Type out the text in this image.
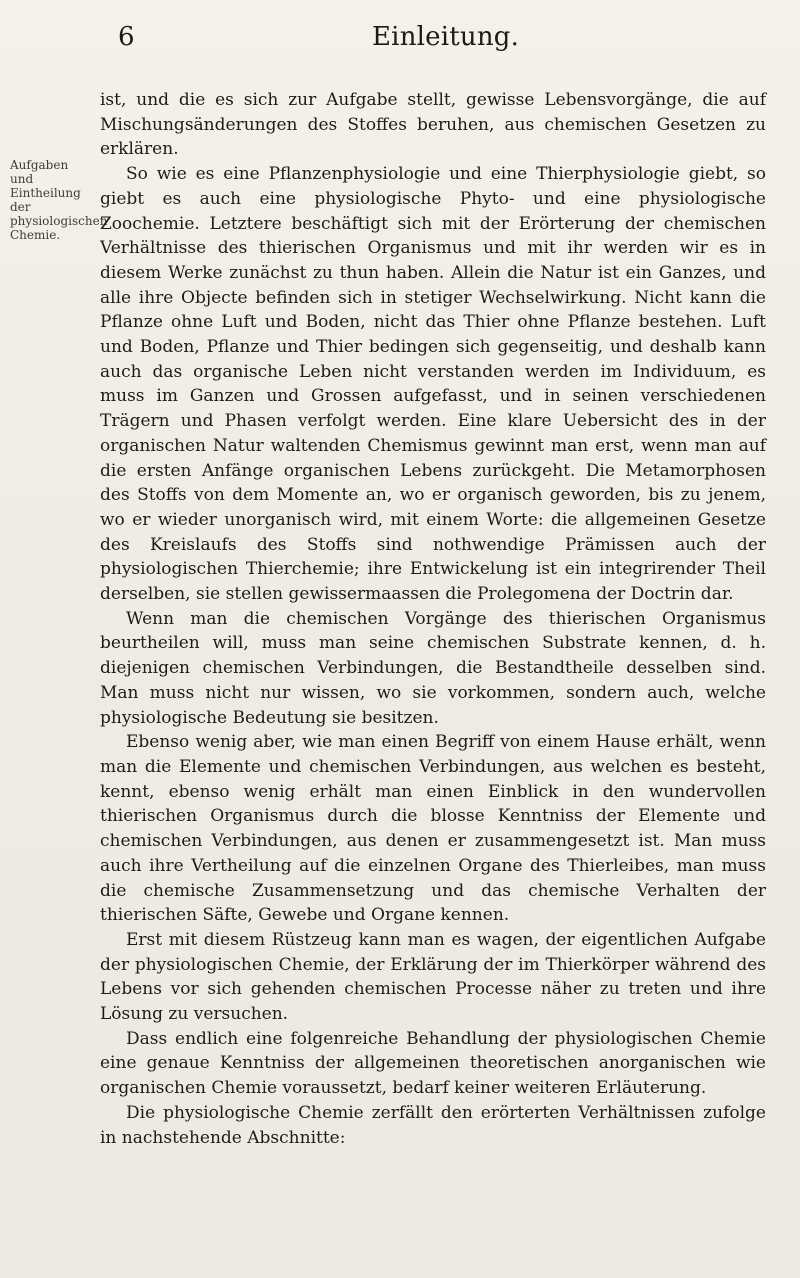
6	Einleitung.
Aufgaben und Eintheilung der physiologischen Chemie.

ist, und die es sich zur Aufgabe stellt, gewisse Lebensvorgänge, die auf Mischungsänderungen des Stoffes beruhen, aus chemischen Gesetzen zu erklären.

So wie es eine Pflanzenphysiologie und eine Thierphysiologie giebt, so giebt es auch eine physiologische Phyto- und eine physiologische Zoochemie. Letztere beschäftigt sich mit der Erörterung der chemischen Verhältnisse des thierischen Organismus und mit ihr werden wir es in diesem Werke zunächst zu thun haben. Allein die Natur ist ein Ganzes, und alle ihre Objecte befinden sich in stetiger Wechselwirkung. Nicht kann die Pflanze ohne Luft und Boden, nicht das Thier ohne Pflanze bestehen. Luft und Boden, Pflanze und Thier bedingen sich gegenseitig, und deshalb kann auch das organische Leben nicht verstanden werden im Individuum, es muss im Ganzen und Grossen aufgefasst, und in seinen verschiedenen Trägern und Phasen verfolgt werden. Eine klare Uebersicht des in der organischen Natur waltenden Chemismus gewinnt man erst, wenn man auf die ersten Anfänge organischen Lebens zurückgeht. Die Metamorphosen des Stoffs von dem Momente an, wo er organisch geworden, bis zu jenem, wo er wieder unorganisch wird, mit einem Worte: die allgemeinen Gesetze des Kreislaufs des Stoffs sind nothwendige Prämissen auch der physiologischen Thierchemie; ihre Entwickelung ist ein integrirender Theil derselben, sie stellen gewissermaassen die Prolegomena der Doctrin dar.

Wenn man die chemischen Vorgänge des thierischen Organismus beurtheilen will, muss man seine chemischen Substrate kennen, d. h. diejenigen chemischen Verbindungen, die Bestandtheile desselben sind. Man muss nicht nur wissen, wo sie vorkommen, sondern auch, welche physiologische Bedeutung sie besitzen.

Ebenso wenig aber, wie man einen Begriff von einem Hause erhält, wenn man die Elemente und chemischen Verbindungen, aus welchen es besteht, kennt, ebenso wenig erhält man einen Einblick in den wundervollen thierischen Organismus durch die blosse Kenntniss der Elemente und chemischen Verbindungen, aus denen er zusammengesetzt ist. Man muss auch ihre Vertheilung auf die einzelnen Organe des Thierleibes, man muss die chemische Zusammensetzung und das chemische Verhalten der thierischen Säfte, Gewebe und Organe kennen.

Erst mit diesem Rüstzeug kann man es wagen, der eigentlichen Aufgabe der physiologischen Chemie, der Erklärung der im Thierkörper während des Lebens vor sich gehenden chemischen Processe näher zu treten und ihre Lösung zu versuchen.

Dass endlich eine folgenreiche Behandlung der physiologischen Chemie eine genaue Kenntniss der allgemeinen theoretischen anorganischen wie organischen Chemie voraussetzt, bedarf keiner weiteren Erläuterung.

Die physiologische Chemie zerfällt den erörterten Verhältnissen zufolge in nachstehende Abschnitte:
